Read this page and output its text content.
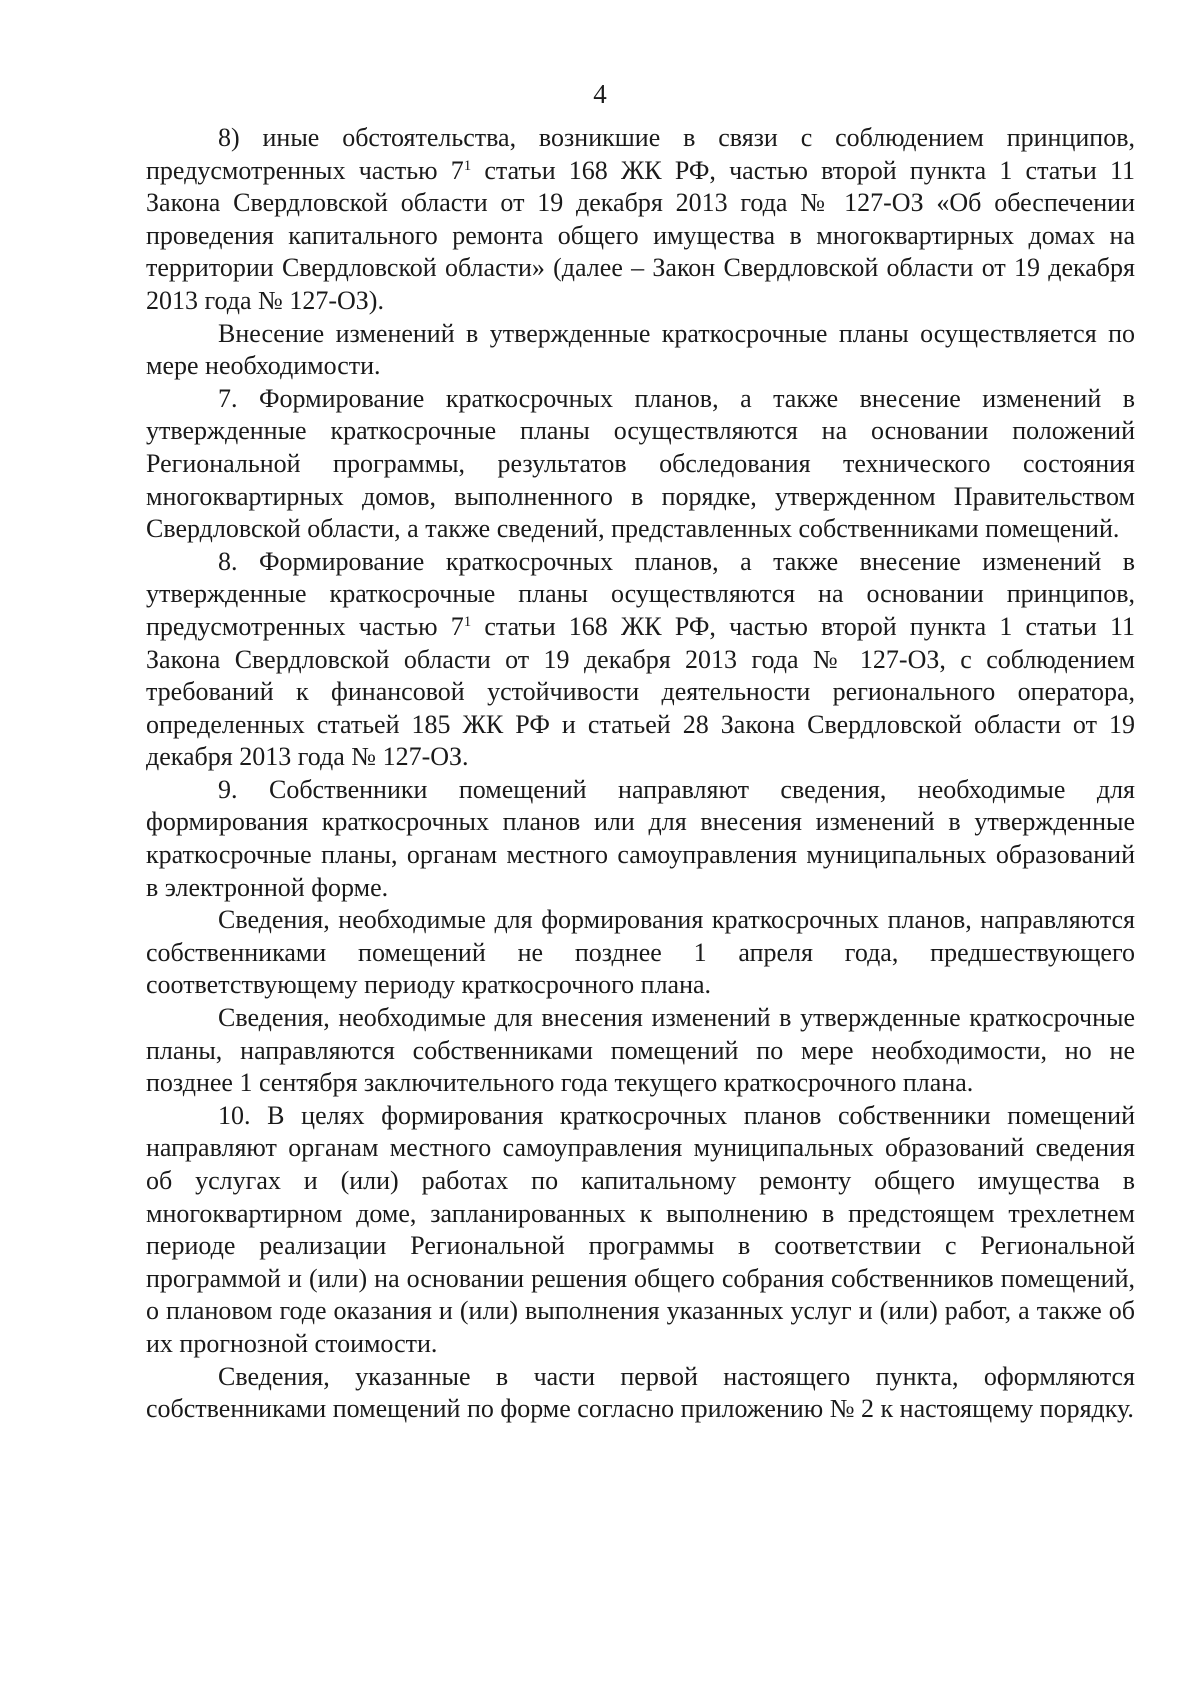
4

8) иные обстоятельства, возникшие в связи с соблюдением принципов, предусмотренных частью $7^1$ статьи 168 ЖК РФ, частью второй пункта 1 статьи 11 Закона Свердловской области от 19 декабря 2013 года № 127-ОЗ «Об обеспечении проведения капитального ремонта общего имущества в многоквартирных домах на территории Свердловской области» (далее – Закон Свердловской области от 19 декабря 2013 года № 127-ОЗ).

Внесение изменений в утвержденные краткосрочные планы осуществляется по мере необходимости.

7. Формирование краткосрочных планов, а также внесение изменений в утвержденные краткосрочные планы осуществляются на основании положений Региональной программы, результатов обследования технического состояния многоквартирных домов, выполненного в порядке, утвержденном Правительством Свердловской области, а также сведений, представленных собственниками помещений.

8. Формирование краткосрочных планов, а также внесение изменений в утвержденные краткосрочные планы осуществляются на основании принципов, предусмотренных частью $7^1$ статьи 168 ЖК РФ, частью второй пункта 1 статьи 11 Закона Свердловской области от 19 декабря 2013 года № 127-ОЗ, с соблюдением требований к финансовой устойчивости деятельности регионального оператора, определенных статьей 185 ЖК РФ и статьей 28 Закона Свердловской области от 19 декабря 2013 года № 127-ОЗ.

9. Собственники помещений направляют сведения, необходимые для формирования краткосрочных планов или для внесения изменений в утвержденные краткосрочные планы, органам местного самоуправления муниципальных образований в электронной форме.

Сведения, необходимые для формирования краткосрочных планов, направляются собственниками помещений не позднее 1 апреля года, предшествующего соответствующему периоду краткосрочного плана.

Сведения, необходимые для внесения изменений в утвержденные краткосрочные планы, направляются собственниками помещений по мере необходимости, но не позднее 1 сентября заключительного года текущего краткосрочного плана.

10. В целях формирования краткосрочных планов собственники помещений направляют органам местного самоуправления муниципальных образований сведения об услугах и (или) работах по капитальному ремонту общего имущества в многоквартирном доме, запланированных к выполнению в предстоящем трехлетнем периоде реализации Региональной программы в соответствии с Региональной программой и (или) на основании решения общего собрания собственников помещений, о плановом годе оказания и (или) выполнения указанных услуг и (или) работ, а также об их прогнозной стоимости.

Сведения, указанные в части первой настоящего пункта, оформляются собственниками помещений по форме согласно приложению № 2 к настоящему порядку.
